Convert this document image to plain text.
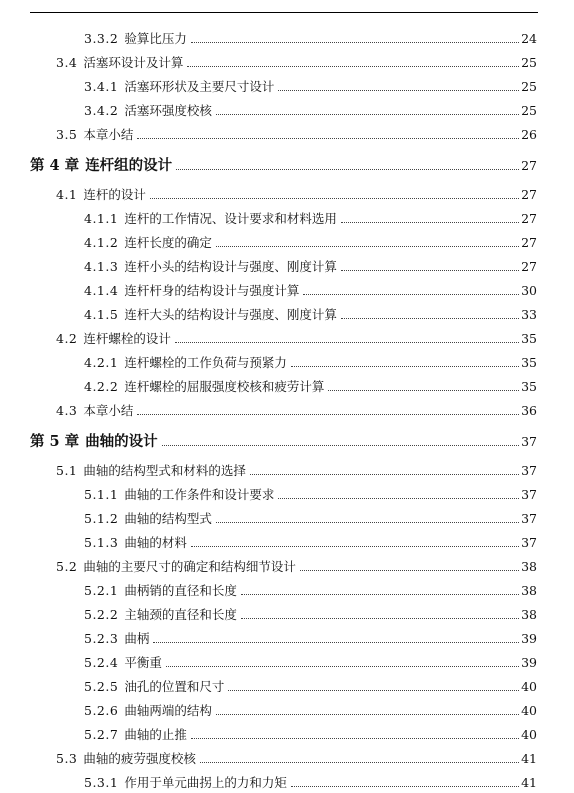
3.3.2 验算比压力	24
3.4 活塞环设计及计算	25
3.4.1 活塞环形状及主要尺寸设计	25
3.4.2 活塞环强度校核	25
3.5 本章小结	26
第 4 章 连杆组的设计	27
4.1 连杆的设计	27
4.1.1 连杆的工作情况、设计要求和材料选用	27
4.1.2 连杆长度的确定	27
4.1.3 连杆小头的结构设计与强度、刚度计算	27
4.1.4 连杆杆身的结构设计与强度计算	30
4.1.5 连杆大头的结构设计与强度、刚度计算	33
4.2 连杆螺栓的设计	35
4.2.1 连杆螺栓的工作负荷与预紧力	35
4.2.2 连杆螺栓的屈服强度校核和疲劳计算	35
4.3 本章小结	36
第 5 章 曲轴的设计	37
5.1 曲轴的结构型式和材料的选择	37
5.1.1 曲轴的工作条件和设计要求	37
5.1.2 曲轴的结构型式	37
5.1.3 曲轴的材料	37
5.2 曲轴的主要尺寸的确定和结构细节设计	38
5.2.1 曲柄销的直径和长度	38
5.2.2 主轴颈的直径和长度	38
5.2.3 曲柄	39
5.2.4 平衡重	39
5.2.5 油孔的位置和尺寸	40
5.2.6 曲轴两端的结构	40
5.2.7 曲轴的止推	40
5.3 曲轴的疲劳强度校核	41
5.3.1 作用于单元曲拐上的力和力矩	41
